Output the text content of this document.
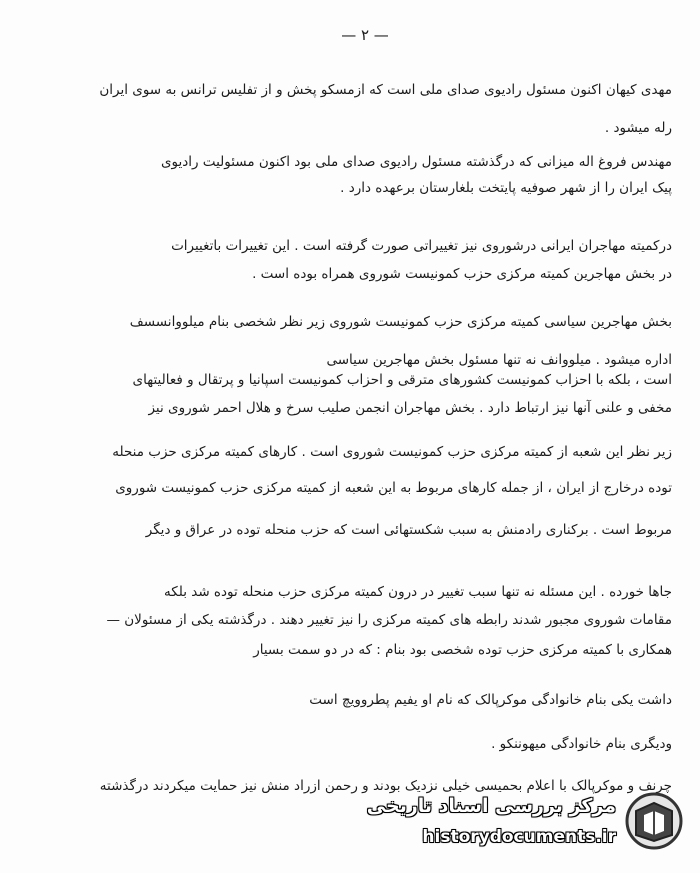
— ۲ —
مهدی کیهان اکنون مسئول رادیوی صدای ملی است که ازمسکو پخش و از تفلیس ترانس به سوی ایران
رله میشود .
مهندس فروغ اله میزانی که درگذشته مسئول رادیوی صدای ملی بود اکنون مسئولیت رادیوی
پیک ایران را از شهر صوفیه پایتخت بلغارستان برعهده دارد .
درکمیته مهاجران ایرانی درشوروی نیز تغییراتی صورت گرفته است . این تغییرات باتغییرات
در بخش مهاجرین کمیته مرکزی حزب کمونیست شوروی همراه بوده است .
بخش مهاجرین سیاسی کمیته مرکزی حزب کمونیست شوروی زیر نظر شخصی بنام میلووانسسف
اداره میشود . میلووانف نه تنها مسئول بخش مهاجرین سیاسی
است ، بلکه با احزاب کمونیست کشورهای مترقی و احزاب کمونیست اسپانیا و پرتقال و فعالیتهای
مخفی و علنی آنها نیز ارتباط دارد . بخش مهاجران انجمن صلیب سرخ و هلال احمر شوروی نیز
زیر نظر این شعبه از کمیته مرکزی حزب کمونیست شوروی است . کارهای کمیته مرکزی حزب منحله
توده درخارج از ایران ، از جمله کارهای مربوط به این شعبه از کمیته مرکزی حزب کمونیست شوروی
مربوط است . برکناری رادمنش به سبب شکستهائی است که حزب منحله توده در عراق و دیگر
جاها خورده . این مسئله نه تنها سبب تغییر در درون کمیته مرکزی حزب منحله توده شد بلکه
مقامات شوروی مجبور شدند رابطه های کمیته مرکزی را نیز تغییر دهند . درگذشته یکی از مسئولان —
همکاری با کمیته مرکزی حزب توده شخصی بود بنام : که در دو سمت بسیار
داشت یکی بنام خانوادگی موکرپالک که نام او یفیم پطروویچ است
ودیگری بنام خانوادگی میهوننکو .
چرنف و موکرپالک با اعلام بحمیسی خیلی نزدیک بودند و رحمن ازراد منش نیز حمایت میکردند درگذشته
مرکز بررسی اسناد تاریخی
historydocuments.ir
